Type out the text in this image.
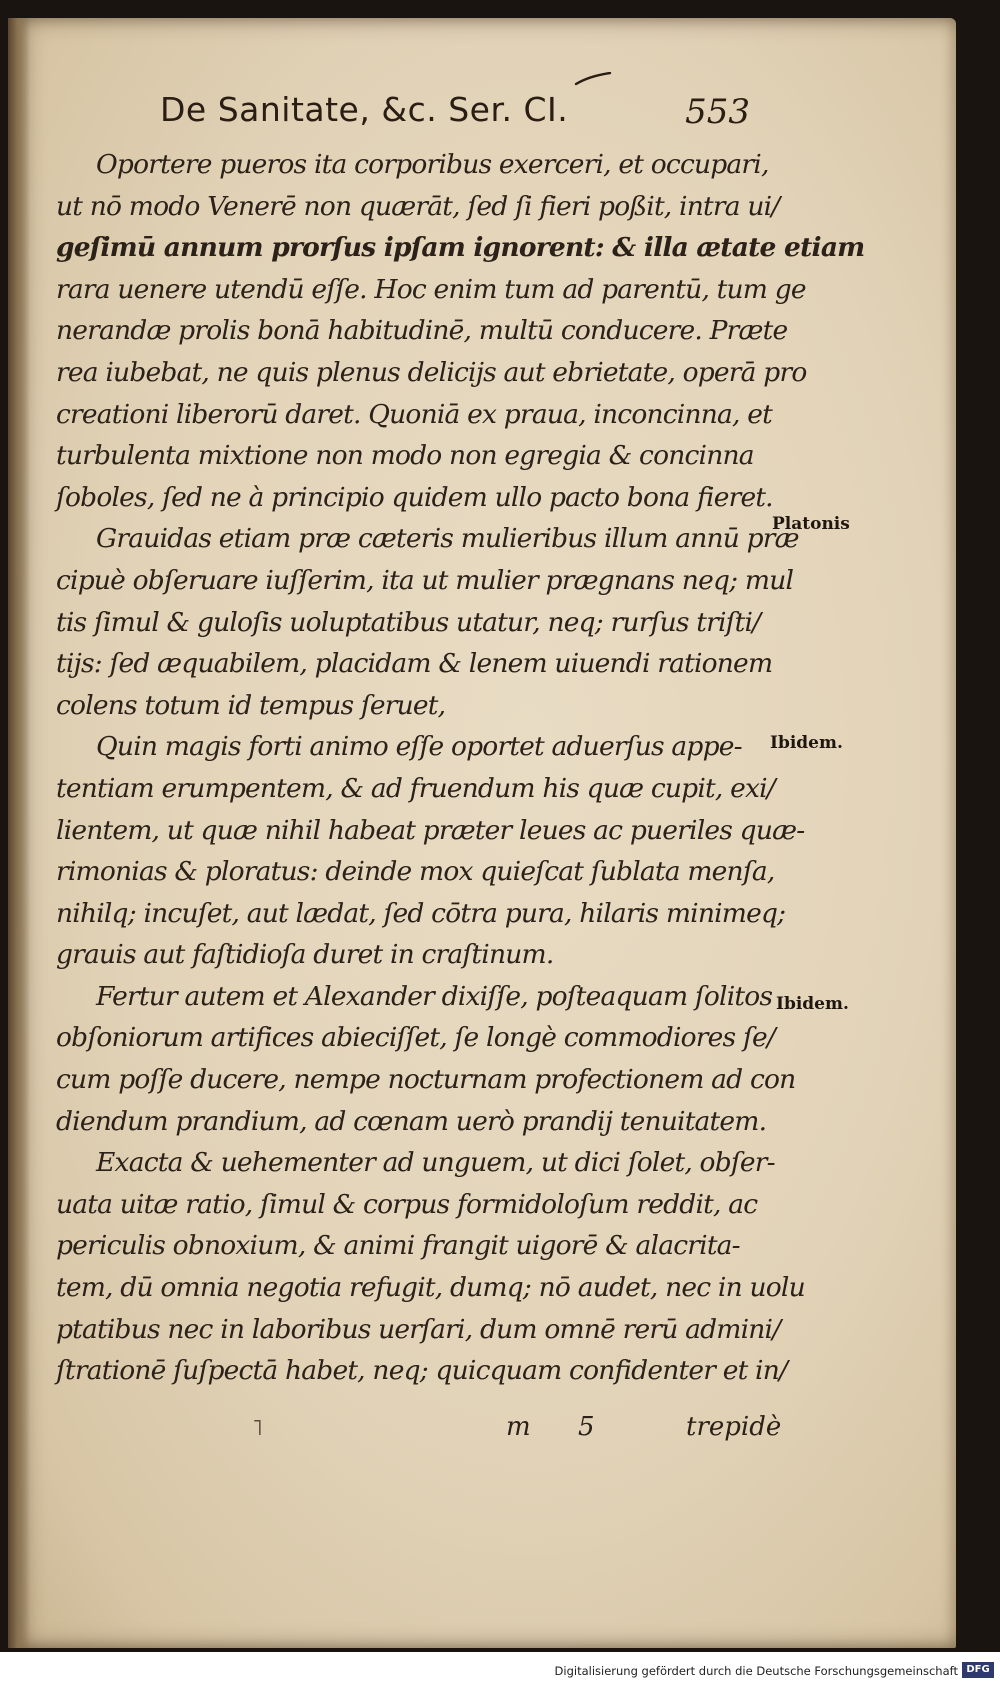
De Sanitate, &c. Ser. CI.	553
Oportere pueros ita corporibus exerceri, et occupari,
ut nō modo Venerē non quærāt, ſed ſi fieri poßit, intra ui/
geſimū annum prorſus ipſam ignorent: & illa ætate etiam
rara uenere utendū eſſe. Hoc enim tum ad parentū, tum ge
nerandæ prolis bonā habitudinē, multū conducere. Præte
rea iubebat, ne quis plenus delicijs aut ebrietate, operā pro
creationi liberorū daret. Quoniā ex praua, inconcinna, et
turbulenta mixtione non modo non egregia & concinna
ſoboles, ſed ne à principio quidem ullo pacto bona fieret.
Grauidas etiam præ cæteris mulieribus illum annū præ
cipuè obſeruare iuſſerim, ita ut mulier prægnans neq; mul
tis ſimul & guloſis uoluptatibus utatur, neq; rurſus triſti/
tijs: ſed æquabilem, placidam & lenem uiuendi rationem
colens totum id tempus ſeruet,
Quin magis forti animo eſſe oportet aduerſus appe-
tentiam erumpentem, & ad fruendum his quæ cupit, exi/
lientem, ut quæ nihil habeat præter leues ac pueriles quæ-
rimonias & ploratus: deinde mox quieſcat ſublata menſa,
nihilq; incuſet, aut lædat, ſed cōtra pura, hilaris minimeq;
grauis aut faſtidioſa duret in craſtinum.
Fertur autem et Alexander dixiſſe, poſteaquam ſolitos
obſoniorum artifices abieciſſet, ſe longè commodiores ſe/
cum poſſe ducere, nempe nocturnam profectionem ad con
diendum prandium, ad cœnam uerò prandij tenuitatem.
Exacta & uehementer ad unguem, ut dici ſolet, obſer-
uata uitæ ratio, ſimul & corpus formidoloſum reddit, ac
periculis obnoxium, & animi frangit uigorē & alacrita-
tem, dū omnia negotia refugit, dumq; nō audet, nec in uolu
ptatibus nec in laboribus uerſari, dum omnē rerū admini/
ſtrationē ſuſpectā habet, neq; quicquam confidenter et in/
Platonis
Ibidem.
Ibidem.
˥	m 5	trepidè
Digitalisierung gefördert durch die Deutsche Forschungsgemeinschaft DFG
